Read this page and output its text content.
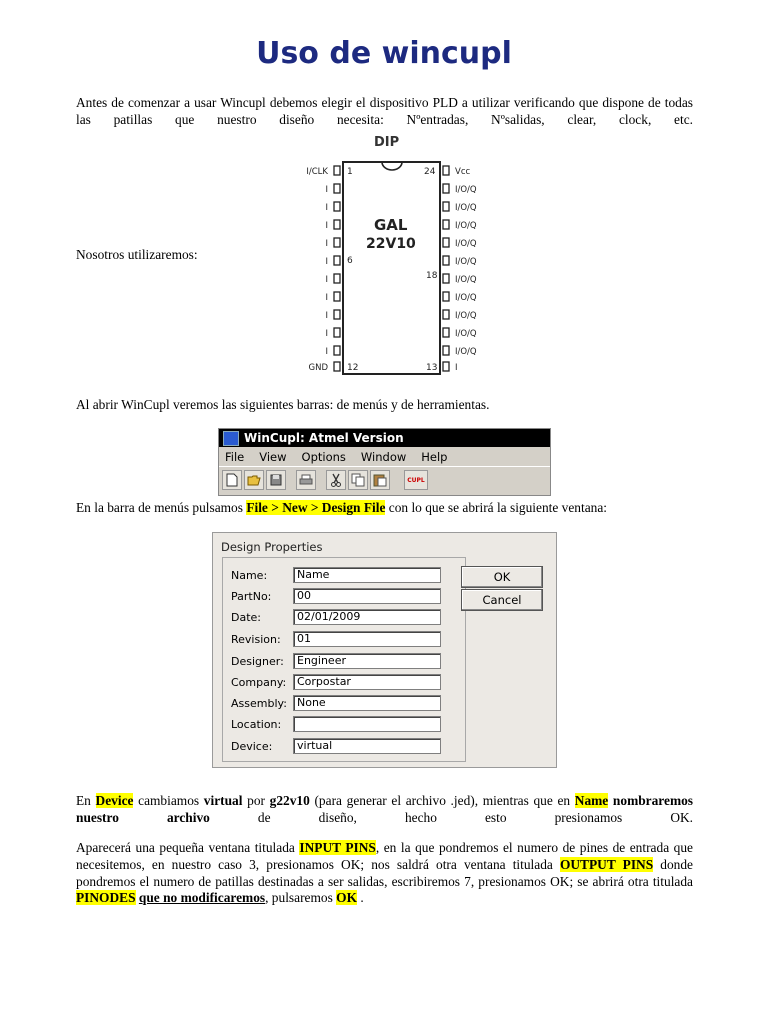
Uso de wincupl

Antes de comenzar a usar Wincupl debemos elegir el dispositivo PLD a utilizar verificando que dispone de todas las patillas que nuestro diseño necesita: Nºentradas, Nºsalidas, clear, clock, etc.

Nosotros utilizaremos:
DIP
GAL
22V10
1
6
12
24
18
13
I/CLK
I
I
I
I
I
I
I
I
I
I
GND
Vcc
I/O/Q
I/O/Q
I/O/Q
I/O/Q
I/O/Q
I/O/Q
I/O/Q
I/O/Q
I/O/Q
I/O/Q
I
Al abrir WinCupl veremos las siguientes barras: de menús y de herramientas.
WinCupl: Atmel Version
File View Options Window Help
CUPL

En la barra de menús pulsamos File > New > Design File con lo que se abrirá la siguiente ventana:

Design Properties
Name:	Name
PartNo:	00
Date:	02/01/2009
Revision:	01
Designer:	Engineer
Company: Corpostar
Assembly: None
Location:
Device:	virtual
OK
Cancel

En Device cambiamos virtual por g22v10 (para generar el archivo .jed), mientras que en Name nombraremos nuestro archivo de diseño, hecho esto presionamos OK.

Aparecerá una pequeña ventana titulada INPUT PINS, en la que pondremos el numero de pines de entrada que necesitemos, en nuestro caso 3, presionamos OK; nos saldrá otra ventana titulada OUTPUT PINS donde pondremos el numero de patillas destinadas a ser salidas, escribiremos 7, presionamos OK; se abrirá otra titulada PINODES que no modificaremos, pulsaremos OK .
